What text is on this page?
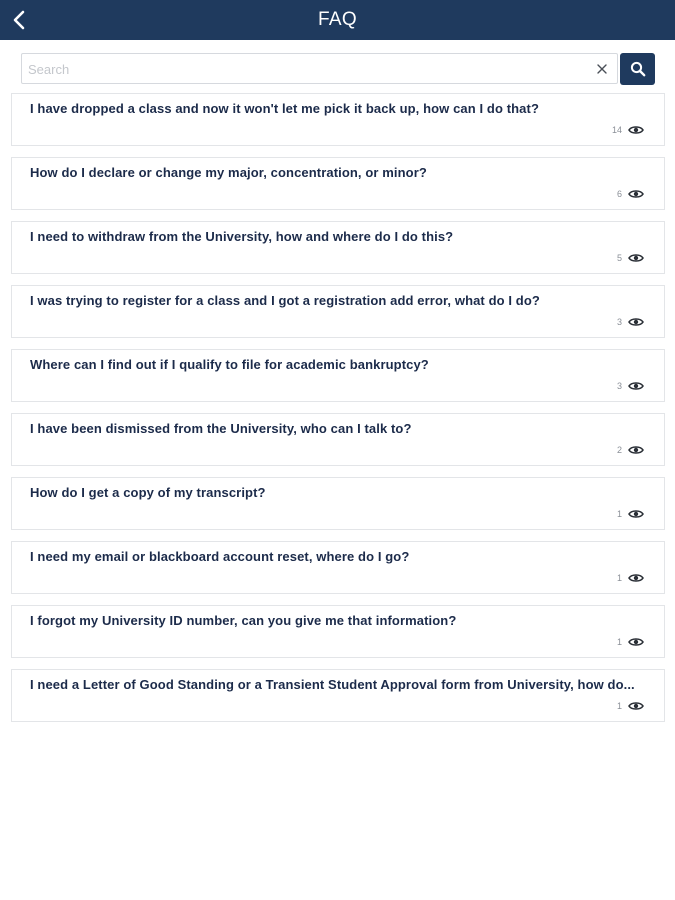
FAQ
Search
I have dropped a class and now it won't let me pick it back up, how can I do that?
14
How do I declare or change my major, concentration, or minor?
6
I need to withdraw from the University, how and where do I do this?
5
I was trying to register for a class and I got a registration add error, what do I do?
3
Where can I find out if I qualify to file for academic bankruptcy?
3
I have been dismissed from the University, who can I talk to?
2
How do I get a copy of my transcript?
1
I need my email or blackboard account reset, where do I go?
1
I forgot my University ID number, can you give me that information?
1
I need a Letter of Good Standing or a Transient Student Approval form from University, how do...
1
